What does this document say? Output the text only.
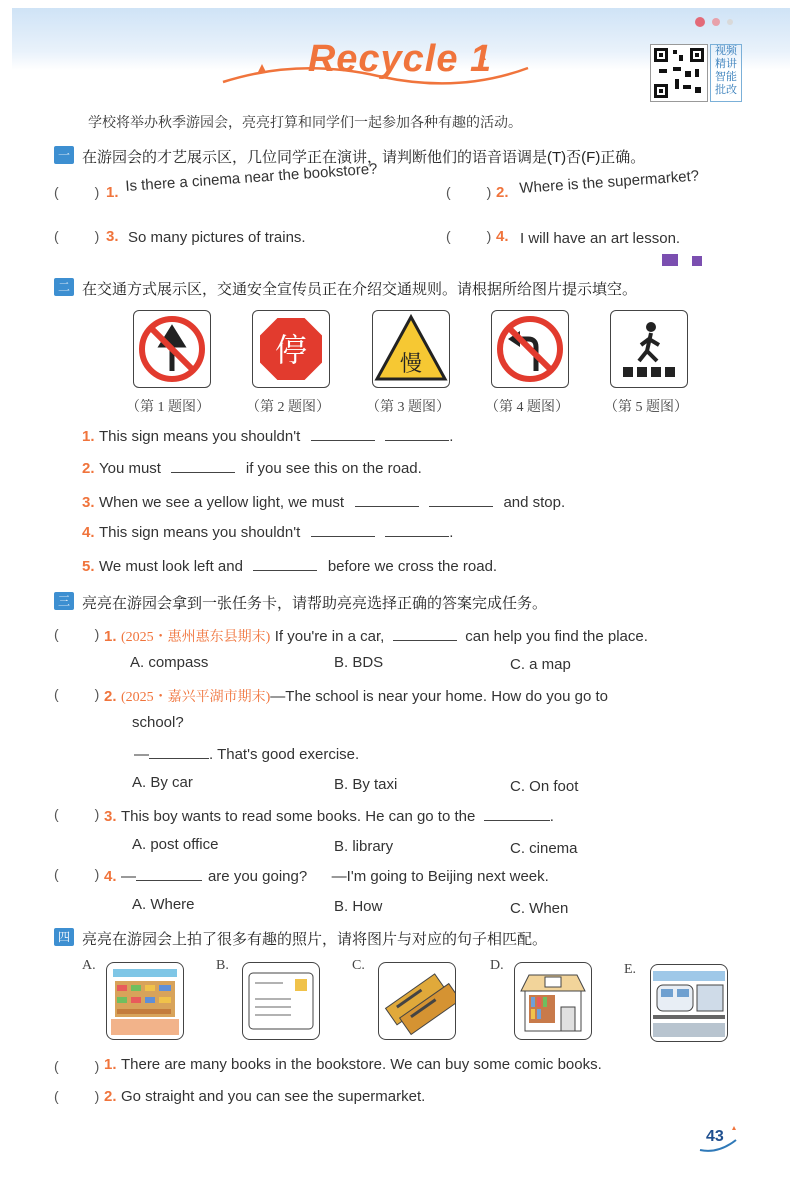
Recycle 1	视频精讲 智能批改
学校将举办秋季游园会，亮亮打算和同学们一起参加各种有趣的活动。
一 在游园会的才艺展示区，几位同学正在演讲，请判断他们的语音语调是(T)否(F)正确。
(	) 1. Is there a cinema near the bookstore?	(	) 2. Where is the supermarket?
(	) 3. So many pictures of trains.	(	) 4. I will have an art lesson.
二 在交通方式展示区，交通安全宣传员正在介绍交通规则。请根据所给图片提示填空。
停	慢
（第 1 题图）	（第 2 题图）	（第 3 题图）	（第 4 题图）	（第 5 题图）
1. This sign means you shouldn't	.
2. You must	if you see this on the road.
3. When we see a yellow light, we must	and stop.
4. This sign means you shouldn't	.
5. We must look left and	before we cross the road.
三 亮亮在游园会拿到一张任务卡，请帮助亮亮选择正确的答案完成任务。
(	) 1. (2025・惠州惠东县期末) If you're in a car,	can help you find the place.
A. compass	B. BDS	C. a map
(	) 2. (2025・嘉兴平湖市期末)—The school is near your home. How do you go to
school?
—	. That's good exercise.
A. By car	B. By taxi	C. On foot
(	) 3. This boy wants to read some books. He can go to the	.
A. post office	B. library	C. cinema
(	) 4. —	are you going? —I'm going to Beijing next week.
A. Where	B. How	C. When
四 亮亮在游园会上拍了很多有趣的照片，请将图片与对应的句子相匹配。
A.	B.	C.	D.	E.
(	) 1. There are many books in the bookstore. We can buy some comic books.
(	) 2. Go straight and you can see the supermarket.
43
